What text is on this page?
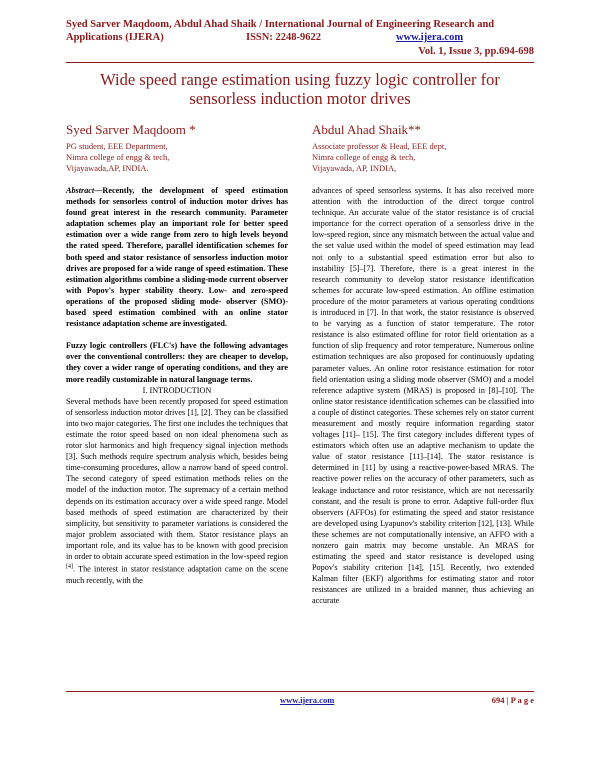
Syed Sarver Maqdoom, Abdul Ahad Shaik / International Journal of Engineering Research and Applications (IJERA)	ISSN: 2248-9622	www.ijera.com
Vol. 1, Issue 3, pp.694-698
Wide speed range estimation using fuzzy logic controller for sensorless induction motor drives
Syed Sarver Maqdoom *
PG student, EEE Department,
Nimra college of engg & tech,
Vijayawada,AP, INDIA.
Abdul Ahad Shaik**
Associate professor & Head, EEE dept,
Nimra college of engg & tech,
Vijayawada, AP, INDIA,

Abstract—Recently, the development of speed estimation methods for sensorless control of induction motor drives has found great interest in the research community. Parameter adaptation schemes play an important role for better speed estimation over a wide range from zero to high levels beyond the rated speed. Therefore, parallel identification schemes for both speed and stator resistance of sensorless induction motor drives are proposed for a wide range of speed estimation. These estimation algorithms combine a sliding-mode current observer with Popov's hyper stability theory. Low- and zero-speed operations of the proposed sliding mode- observer (SMO)-based speed estimation combined with an online stator resistance adaptation scheme are investigated.

Fuzzy logic controllers (FLC's) have the following advantages over the conventional controllers: they are cheaper to develop, they cover a wider range of operating conditions, and they are more readily customizable in natural language terms.

I. INTRODUCTION

Several methods have been recently proposed for speed estimation of sensorless induction motor drives [1], [2]. They can be classified into two major categories. The first one includes the techniques that estimate the rotor speed based on non ideal phenomena such as rotor slot harmonics and high frequency signal injection methods [3]. Such methods require spectrum analysis which, besides being time-consuming procedures, allow a narrow band of speed control. The second category of speed estimation methods relies on the model of the induction motor. The supremacy of a certain method depends on its estimation accuracy over a wide speed range. Model based methods of speed estimation are characterized by their simplicity, but sensitivity to parameter variations is considered the major problem associated with them. Stator resistance plays an important role, and its value has to be known with good precision in order to obtain accurate speed estimation in the low-speed region [4]. The interest in stator resistance adaptation came on the scene much recently, with the

advances of speed sensorless systems. It has also received more attention with the introduction of the direct torque control technique. An accurate value of the stator resistance is of crucial importance for the correct operation of a sensorless drive in the low-speed region, since any mismatch between the actual value and the set value used within the model of speed estimation may lead not only to a substantial speed estimation error but also to instability [5]–[7]. Therefore, there is a great interest in the research community to develop stator resistance identification schemes for accurate low-speed estimation. An offline estimation procedure of the motor parameters at various operating conditions is introduced in [7]. In that work, the stator resistance is observed to be varying as a function of stator temperature. The rotor resistance is also estimated offline for rotor field orientation as a function of slip frequency and rotor temperature. Numerous online estimation techniques are also proposed for continuously updating parameter values. An online rotor resistance estimation for rotor field orientation using a sliding mode observer (SMO) and a model reference adaptive system (MRAS) is proposed in [8]–[10]. The online stator resistance identification schemes can be classified into a couple of distinct categories. These schemes rely on stator current measurement and mostly require information regarding stator voltages [11]– [15]. The first category includes different types of estimators which often use an adaptive mechanism to update the value of stator resistance [11]–[14]. The stator resistance is determined in [11] by using a reactive-power-based MRAS. The reactive power relies on the accuracy of other parameters, such as leakage inductance and rotor resistance, which are not necessarily constant, and the result is prone to error. Adaptive full-order flux observers (AFFOs) for estimating the speed and stator resistance are developed using Lyapunov's stability criterion [12], [13]. While these schemes are not computationally intensive, an AFFO with a nonzero gain matrix may become unstable. An MRAS for estimating the speed and stator resistance is developed using Popov's stability criterion [14], [15]. Recently, two extended Kalman filter (EKF) algorithms for estimating stator and rotor resistances are utilized in a braided manner, thus achieving an accurate

www.ijera.com	694 | P a g e
